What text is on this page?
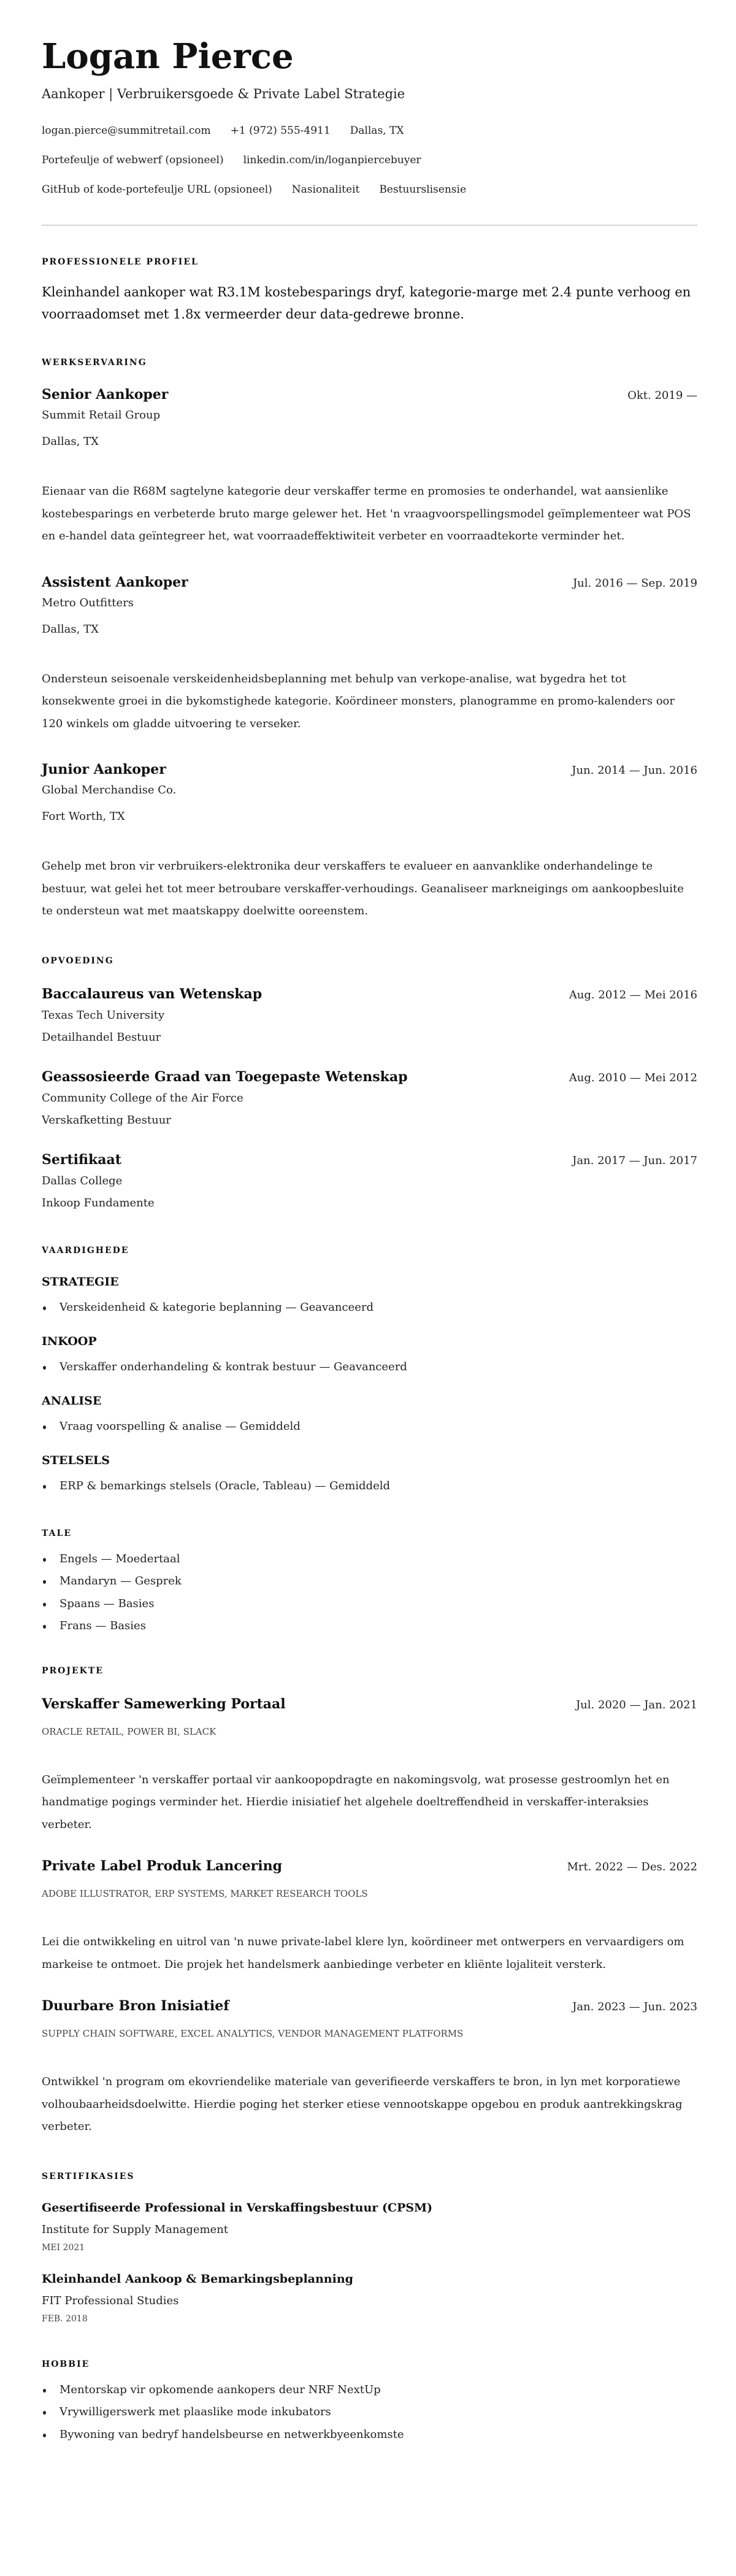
Logan Pierce
Aankoper | Verbruikersgoede & Private Label Strategie
logan.pierce@summitretail.com +1 (972) 555-4911 Dallas, TX
Portefeulje of webwerf (opsioneel) linkedin.com/in/loganpiercebuyer
GitHub of kode-portefeulje URL (opsioneel) Nasionaliteit Bestuurslisensie
PROFESSIONELE PROFIEL
Kleinhandel aankoper wat R3.1M kostebesparings dryf, kategorie-marge met 2.4 punte verhoog en voorraadomset met 1.8x vermeerder deur data-gedrewe bronne.
WERKSERVARING
Senior Aankoper	Okt. 2019 —
Summit Retail Group
Dallas, TX
Eienaar van die R68M sagtelyne kategorie deur verskaffer terme en promosies te onderhandel, wat aansienlike kostebesparings en verbeterde bruto marge gelewer het. Het 'n vraagvoorspellingsmodel geïmplementeer wat POS en e-handel data geïntegreer het, wat voorraadeffektiwiteit verbeter en voorraadtekorte verminder het.
Assistent Aankoper	Jul. 2016 — Sep. 2019
Metro Outfitters
Dallas, TX
Ondersteun seisoenale verskeidenheidsbeplanning met behulp van verkope-analise, wat bygedra het tot konsekwente groei in die bykomstighede kategorie. Koördineer monsters, planogramme en promo-kalenders oor 120 winkels om gladde uitvoering te verseker.
Junior Aankoper	Jun. 2014 — Jun. 2016
Global Merchandise Co.
Fort Worth, TX
Gehelp met bron vir verbruikers-elektronika deur verskaffers te evalueer en aanvanklike onderhandelinge te bestuur, wat gelei het tot meer betroubare verskaffer-verhoudings. Geanaliseer markneigings om aankoopbesluite te ondersteun wat met maatskappy doelwitte ooreenstem.
OPVOEDING
Baccalaureus van Wetenskap	Aug. 2012 — Mei 2016
Texas Tech University
Detailhandel Bestuur
Geassosieerde Graad van Toegepaste Wetenskap	Aug. 2010 — Mei 2012
Community College of the Air Force
Verskafketting Bestuur
Sertifikaat	Jan. 2017 — Jun. 2017
Dallas College
Inkoop Fundamente
VAARDIGHEDE
STRATEGIE
Verskeidenheid & kategorie beplanning — Geavanceerd
INKOOP
Verskaffer onderhandeling & kontrak bestuur — Geavanceerd
ANALISE
Vraag voorspelling & analise — Gemiddeld
STELSELS
ERP & bemarkings stelsels (Oracle, Tableau) — Gemiddeld
TALE
Engels — Moedertaal
Mandaryn — Gesprek
Spaans — Basies
Frans — Basies
PROJEKTE
Verskaffer Samewerking Portaal	Jul. 2020 — Jan. 2021
ORACLE RETAIL, POWER BI, SLACK
Geïmplementeer 'n verskaffer portaal vir aankoopopdragte en nakomingsvolg, wat prosesse gestroomlyn het en handmatige pogings verminder het. Hierdie inisiatief het algehele doeltreffendheid in verskaffer-interaksies verbeter.
Private Label Produk Lancering	Mrt. 2022 — Des. 2022
ADOBE ILLUSTRATOR, ERP SYSTEMS, MARKET RESEARCH TOOLS
Lei die ontwikkeling en uitrol van 'n nuwe private-label klere lyn, koördineer met ontwerpers en vervaardigers om markeise te ontmoet. Die projek het handelsmerk aanbiedinge verbeter en kliënte lojaliteit versterk.
Duurbare Bron Inisiatief	Jan. 2023 — Jun. 2023
SUPPLY CHAIN SOFTWARE, EXCEL ANALYTICS, VENDOR MANAGEMENT PLATFORMS
Ontwikkel 'n program om ekovriendelike materiale van geverifieerde verskaffers te bron, in lyn met korporatiewe volhoubaarheidsdoelwitte. Hierdie poging het sterker etiese vennootskappe opgebou en produk aantrekkingskrag verbeter.
SERTIFIKASIES
Gesertifiseerde Professional in Verskaffingsbestuur (CPSM)
Institute for Supply Management
MEI 2021
Kleinhandel Aankoop & Bemarkingsbeplanning
FIT Professional Studies
FEB. 2018
HOBBIE
Mentorskap vir opkomende aankopers deur NRF NextUp
Vrywilligerswerk met plaaslike mode inkubators
Bywoning van bedryf handelsbeurse en netwerkbyeenkomste
